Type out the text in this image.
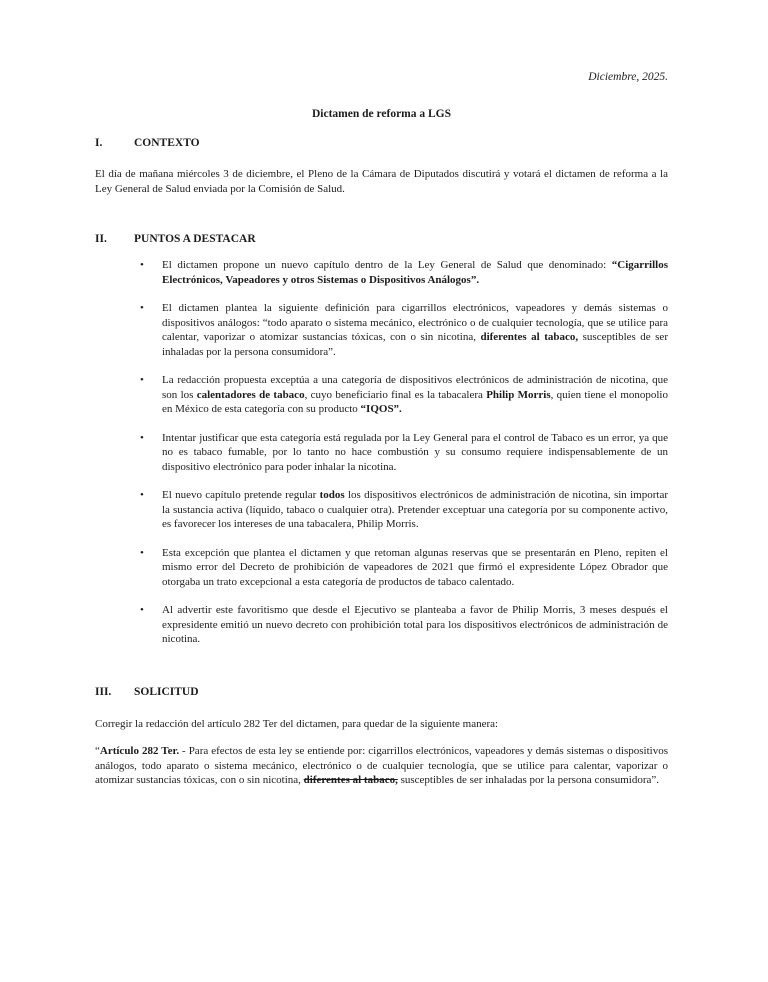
Diciembre, 2025.
Dictamen de reforma a LGS
I.	CONTEXTO

El día de mañana miércoles 3 de diciembre, el Pleno de la Cámara de Diputados discutirá y votará el dictamen de reforma a la Ley General de Salud enviada por la Comisión de Salud.

II.	PUNTOS A DESTACAR
• El dictamen propone un nuevo capítulo dentro de la Ley General de Salud que denominado: “Cigarrillos Electrónicos, Vapeadores y otros Sistemas o Dispositivos Análogos”.
• El dictamen plantea la siguiente definición para cigarrillos electrónicos, vapeadores y demás sistemas o dispositivos análogos: “todo aparato o sistema mecánico, electrónico o de cualquier tecnología, que se utilice para calentar, vaporizar o atomizar sustancias tóxicas, con o sin nicotina, diferentes al tabaco, susceptibles de ser inhaladas por la persona consumidora”.
• La redacción propuesta exceptúa a una categoría de dispositivos electrónicos de administración de nicotina, que son los calentadores de tabaco, cuyo beneficiario final es la tabacalera Philip Morris, quien tiene el monopolio en México de esta categoría con su producto “IQOS”.
• Intentar justificar que esta categoría está regulada por la Ley General para el control de Tabaco es un error, ya que no es tabaco fumable, por lo tanto no hace combustión y su consumo requiere indispensablemente de un dispositivo electrónico para poder inhalar la nicotina.
• El nuevo capítulo pretende regular todos los dispositivos electrónicos de administración de nicotina, sin importar la sustancia activa (líquido, tabaco o cualquier otra). Pretender exceptuar una categoría por su componente activo, es favorecer los intereses de una tabacalera, Philip Morris.
• Esta excepción que plantea el dictamen y que retoman algunas reservas que se presentarán en Pleno, repiten el mismo error del Decreto de prohibición de vapeadores de 2021 que firmó el expresidente López Obrador que otorgaba un trato excepcional a esta categoría de productos de tabaco calentado.
• Al advertir este favoritismo que desde el Ejecutivo se planteaba a favor de Philip Morris, 3 meses después el expresidente emitió un nuevo decreto con prohibición total para los dispositivos electrónicos de administración de nicotina.
III.	SOLICITUD

Corregir la redacción del artículo 282 Ter del dictamen, para quedar de la siguiente manera:

“Artículo 282 Ter. - Para efectos de esta ley se entiende por: cigarrillos electrónicos, vapeadores y demás sistemas o dispositivos análogos, todo aparato o sistema mecánico, electrónico o de cualquier tecnología, que se utilice para calentar, vaporizar o atomizar sustancias tóxicas, con o sin nicotina, diferentes al tabaco, susceptibles de ser inhaladas por la persona consumidora”.
